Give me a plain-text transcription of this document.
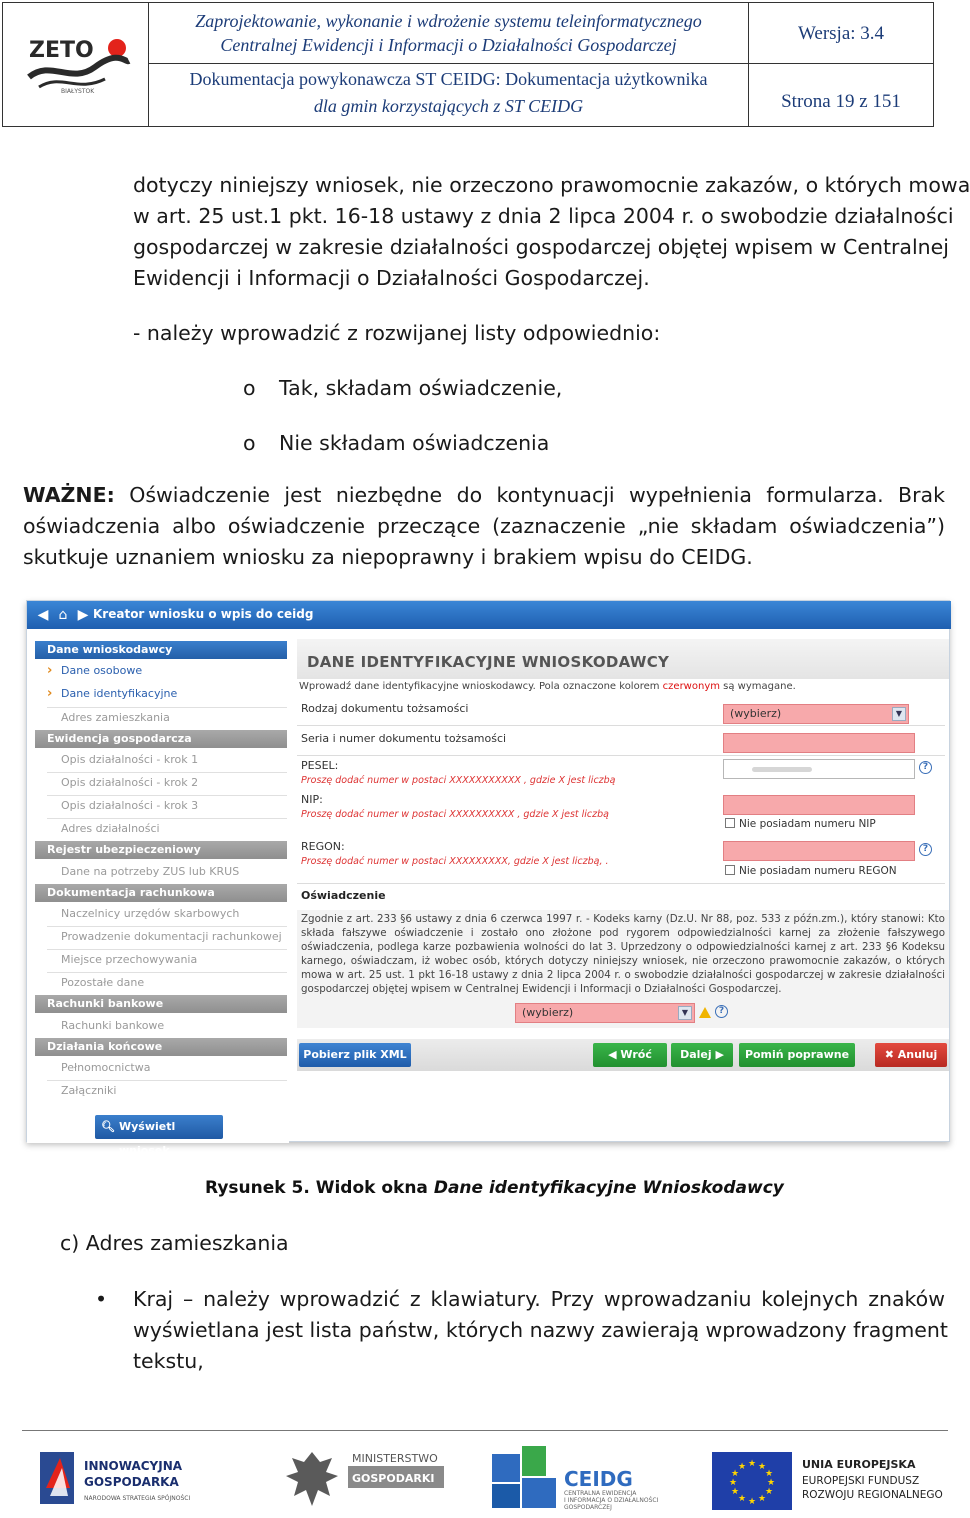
ZETO
BIAŁYSTOK
Zaprojektowanie, wykonanie i wdrożenie systemu teleinformatycznego
Centralnej Ewidencji i Informacji o Działalności Gospodarczej
Wersja: 3.4
Dokumentacja powykonawcza ST CEIDG: Dokumentacja użytkownika
dla gmin korzystających z ST CEIDG	Strona 19 z 151
dotyczy niniejszy wniosek, nie orzeczono prawomocnie zakazów, o których mowa
w art. 25 ust.1 pkt. 16-18 ustawy z dnia 2 lipca 2004 r. o swobodzie działalności
gospodarczej w zakresie działalności gospodarczej objętej wpisem w Centralnej
Ewidencji i Informacji o Działalności Gospodarczej.
- należy wprowadzić z rozwijanej listy odpowiednio:
o Tak, składam oświadczenie,
o Nie składam oświadczenia
WAŻNE: Oświadczenie jest niezbędne do kontynuacji wypełnienia formularza. Brak
oświadczenia albo oświadczenie przeczące (zaznaczenie „nie składam oświadczenia”)
skutkuje uznaniem wniosku za niepoprawny i brakiem wpisu do CEIDG.
◀ ⌂ ▶ Kreator wniosku o wpis do ceidg
Dane wnioskodawcy
› Dane osobowe
› Dane identyfikacyjne
Adres zamieszkania
Ewidencja gospodarcza
Opis działalności - krok 1
Opis działalności - krok 2
Opis działalności - krok 3
Adres działalności
Rejestr ubezpieczeniowy
Dane na potrzeby ZUS lub KRUS
Dokumentacja rachunkowa
Naczelnicy urzędów skarbowych
Prowadzenie dokumentacji rachunkowej
Miejsce przechowywania
Pozostałe dane
Rachunki bankowe
Rachunki bankowe
Działania końcowe
Pełnomocnictwa
Załączniki
🔍︎ Wyświetl wniosek
DANE IDENTYFIKACYJNE WNIOSKODAWCY
Wprowadź dane identyfikacyjne wnioskodawcy. Pola oznaczone kolorem czerwonym są wymagane.
Rodzaj dokumentu tożsamości	(wybierz)	▼
Seria i numer dokumentu tożsamości
PESEL:
Proszę dodać numer w postaci XXXXXXXXXXX , gdzie X jest liczbą
?
NIP:
Proszę dodać numer w postaci XXXXXXXXXX , gdzie X jest liczbą
Nie posiadam numeru NIP
REGON:
Proszę dodać numer w postaci XXXXXXXXX, gdzie X jest liczbą, .
?
Nie posiadam numeru REGON
Oświadczenie
Zgodnie z art. 233 §6 ustawy z dnia 6 czerwca 1997 r. - Kodeks karny (Dz.U. Nr 88, poz. 533 z późn.zm.), który stanowi: Kto składa fałszywe oświadczenie i zostało ono złożone pod rygorem odpowiedzialności karnej za złożenie fałszywego oświadczenia, podlega karze pozbawienia wolności do lat 3. Uprzedzony o odpowiedzialności karnej z art. 233 §6 Kodeksu karnego, oświadczam, iż wobec osób, których dotyczy niniejszy wniosek, nie orzeczono prawomocnie zakazów, o których mowa w art. 25 ust. 1 pkt 16-18 ustawy z dnia 2 lipca 2004 r. o swobodzie działalności gospodarczej w zakresie działalności gospodarczej objętej wpisem w Centralnej Ewidencji i Informacji o Działalności Gospodarczej.
(wybierz)	▼	?
Pobierz plik XML ▦
◀ Wróć	Dalej ▶	Pomiń poprawne ▶▶
✖ Anuluj
Rysunek 5. Widok okna Dane identyfikacyjne Wnioskodawcy
c) Adres zamieszkania
• Kraj – należy wprowadzić z klawiatury. Przy wprowadzaniu kolejnych znaków
wyświetlana jest lista państw, których nazwy zawierają wprowadzony fragment
tekstu,
INNOWACYJNA
GOSPODARKA
NARODOWA STRATEGIA SPÓJNOŚCI
MINISTERSTWO
GOSPODARKI	CEIDG
CENTRALNA EWIDENCJA
I INFORMACJA O DZIAŁALNOŚCI
GOSPODARCZEJ
★ ★
★
★
★
★
★
★
★
★
★
★	UNIA EUROPEJSKA
EUROPEJSKI FUNDUSZ
ROZWOJU REGIONALNEGO
